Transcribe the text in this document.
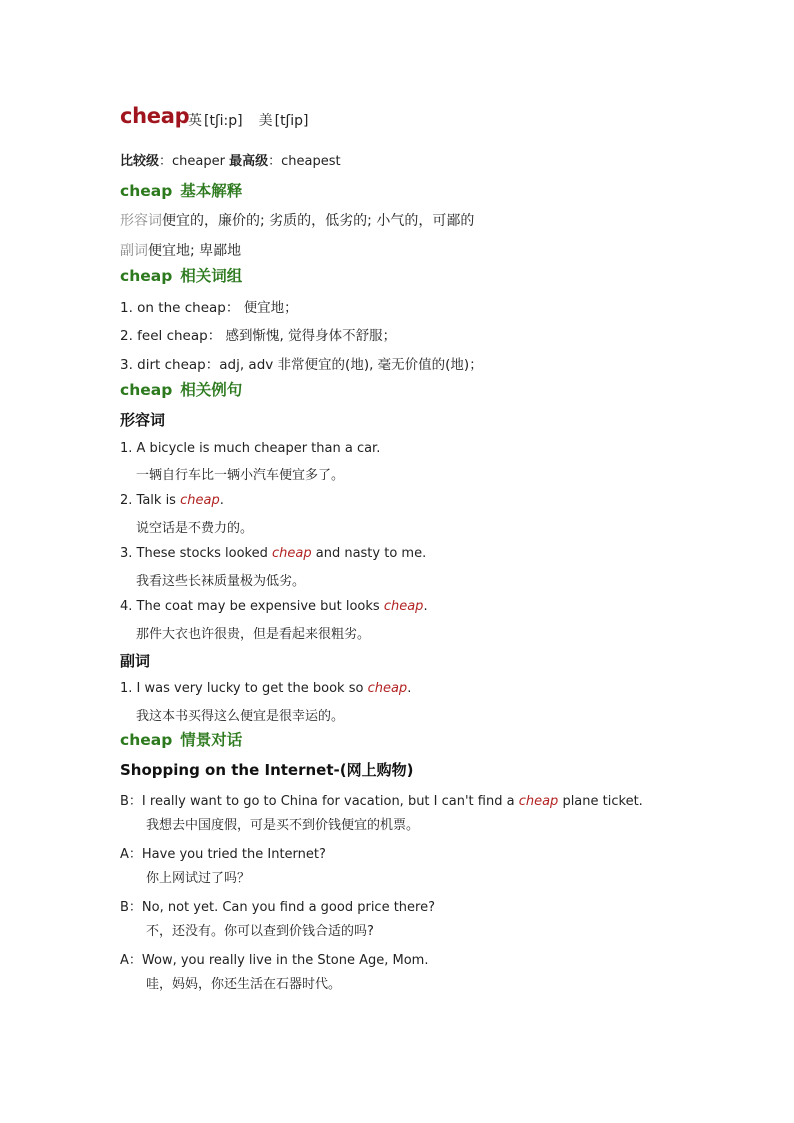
cheap
英 [tʃi:p] 美 [tʃip]
比较级：cheaper 最高级：cheapest
cheap 基本解释
形容词便宜的，廉价的; 劣质的，低劣的; 小气的，可鄙的
副词便宜地; 卑鄙地
cheap 相关词组
1. on the cheap： 便宜地；
2. feel cheap： 感到惭愧, 觉得身体不舒服；
3. dirt cheap：adj, adv 非常便宜的(地), 毫无价值的(地)；
cheap 相关例句
形容词
1. A bicycle is much cheaper than a car.
一辆自行车比一辆小汽车便宜多了。
2. Talk is cheap.
说空话是不费力的。
3. These stocks looked cheap and nasty to me.
我看这些长袜质量极为低劣。
4. The coat may be expensive but looks cheap.
那件大衣也许很贵，但是看起来很粗劣。
副词
1. I was very lucky to get the book so cheap.
我这本书买得这么便宜是很幸运的。
cheap 情景对话
Shopping on the Internet-(网上购物)
B：I really want to go to China for vacation, but I can't find a cheap plane ticket.
我想去中国度假，可是买不到价钱便宜的机票。
A：Have you tried the Internet?
你上网试过了吗？
B：No, not yet. Can you find a good price there?
不，还没有。你可以查到价钱合适的吗?
A：Wow, you really live in the Stone Age, Mom.
哇，妈妈，你还生活在石器时代。
